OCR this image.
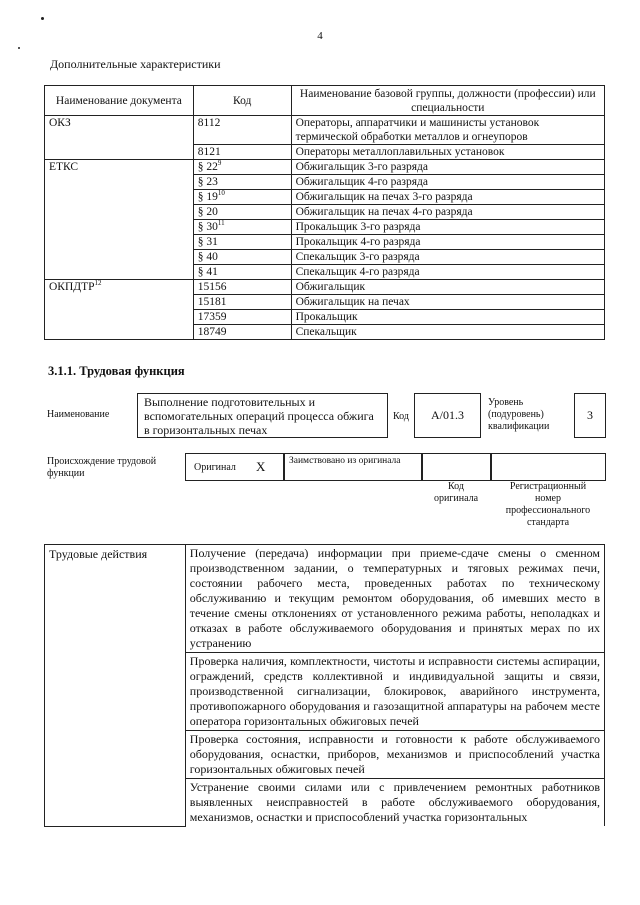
4
Дополнительные характеристики
Наименование документа	Код	Наименование базовой группы, должности (профессии) или специальности
ОКЗ	8112	Операторы, аппаратчики и машинисты установок термической обработки металлов и огнеупоров
	8121	Операторы металлоплавильных установок
ЕТКС	§ $22^9$	Обжигальщик 3-го разряда
	§ 23	Обжигальщик 4-го разряда
	§ $19^{10}$	Обжигальщик на печах 3-го разряда
	§ 20	Обжигальщик на печах 4-го разряда
	§ $30^{11}$	Прокальщик 3-го разряда
	§ 31	Прокальщик 4-го разряда
	§ 40	Спекальщик 3-го разряда
	§ 41	Спекальщик 4-го разряда
ОКПДТР$^{12}$	15156	Обжигальщик
	15181	Обжигальщик на печах
	17359	Прокальщик
	18749	Спекальщик
3.1.1. Трудовая функция
Наименование
Выполнение подготовительных и вспомогательных операций процесса обжига в горизонтальных печах
Код	А/01.3
Уровень (подуровень) квалификации
3
Происхождение трудовой функции
Оригинал Х	Заимствовано из оригинала
Код оригинала
Регистрационный номер профессионального стандарта
Трудовые действия	Получение (передача) информации при приеме-сдаче смены о сменном производственном задании, о температурных и тяговых режимах печи, состоянии рабочего места, проведенных работах по техническому обслуживанию и текущим ремонтом оборудования, об имевших место в течение смены отклонениях от установленного режима работы, неполадках и отказах в работе обслуживаемого оборудования и принятых мерах по их устранению
Проверка наличия, комплектности, чистоты и исправности системы аспирации, ограждений, средств коллективной и индивидуальной защиты и связи, производственной сигнализации, блокировок, аварийного инструмента, противопожарного оборудования и газозащитной аппаратуры на рабочем месте оператора горизонтальных обжиговых печей
Проверка состояния, исправности и готовности к работе обслуживаемого оборудования, оснастки, приборов, механизмов и приспособлений участка горизонтальных обжиговых печей
Устранение своими силами или с привлечением ремонтных работников выявленных неисправностей в работе обслуживаемого оборудования, механизмов, оснастки и приспособлений участка горизонтальных
